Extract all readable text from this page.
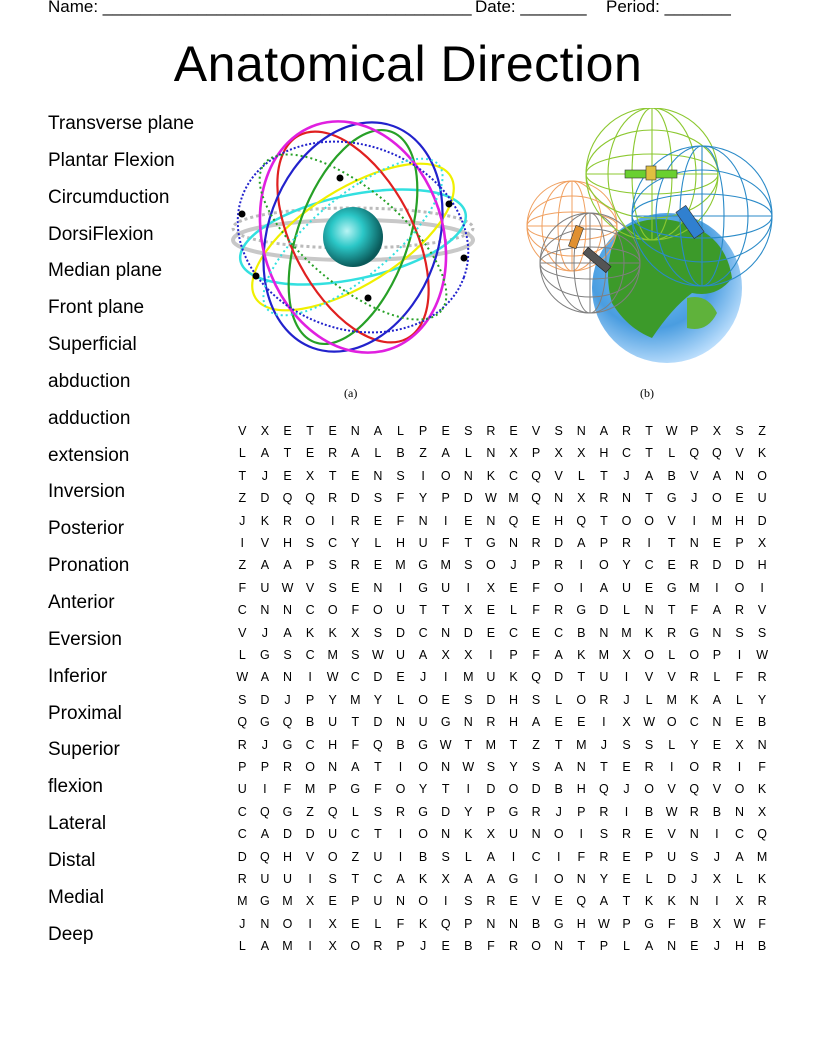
Name: _______________________________________ Date: _______ Period: _______
Anatomical Direction
Transverse plane
Plantar Flexion
Circumduction
DorsiFlexion
Median plane
Front plane
Superficial
abduction
adduction
extension
Inversion
Posterior
Pronation
Anterior
Eversion
Inferior
Proximal
Superior
flexion
Lateral
Distal
Medial
Deep
(a)	(b)
V	X	E	T	E	N	A	L	P	E	S	R	E	V	S	N	A	R	T	W	P	X	S	Z
L	A	T	E	R	A	L	B	Z	A	L	N	X	P	X	X	H	C	T	L	Q	Q	V	K
T	J	E	X	T	E	N	S	I	O	N	K	C	Q	V	L	T	J	A	B	V	A	N	O
Z	D	Q	Q	R	D	S	F	Y	P	D W M	Q	N	X	R	N	T	G	J	O	E	U
J	K	R	O	I	R	E	F	N	I	E	N	Q	E	H	Q	T	O	O	V	I	M	H	D
I	V	H	S	C	Y	L	H	U	F	T	G	N	R	D	A	P	R	I	T	N	E	P	X
Z	A	A	P	S	R	E	M	G	M	S	O	J	P	R	I	O	Y	C	E	R	D	D	H
F	U W	V	S	E	N	I	G	U	I	X	E	F	O	I	A	U	E	G	M	I	O	I
C	N	N	C	O	F	O	U	T	T	X	E	L	F	R	G	D	L	N	T	F	A	R	V
V	J	A	K	K	X	S	D	C	N	D	E	C	E	C	B	N	M	K	R	G	N	S	S
L	G	S	C	M	S	W U	A	X	X	I	P	F	A	K	M	X	O	L	O	P	I	W
W	A	N	I	W C	D	E	J	I	M	U	K	Q	D	T	U	I	V	V	R	L	F	R
S	D	J	P	Y	M	Y	L	O	E	S	D	H	S	L	O	R	J	L	M	K	A	L	Y
Q	G	Q	B	U	T	D	N	U	G	N	R	H	A	E	E	I	X	W O	C	N	E	B
R	J	G	C	H	F	Q	B	G W	T	M	T	Z	T	M	J	S	S	L	Y	E	X	N
P	P	R	O	N	A	T	I	O	N W	S	Y	S	A	N	T	E	R	I	O	R	I	F
U	I	F	M	P	G	F	O	Y	T	I	D	O	D	B	H	Q	J	O	V	Q	V	O	K
C	Q	G	Z	Q	L	S	R	G	D	Y	P	G	R	J	P	R	I	B	W R	B	N	X
C	A	D	D	U	C	T	I	O	N	K	X	U	N	O	I	S	R	E	V	N	I	C	Q
D	Q	H	V	O	Z	U	I	B	S	L	A	I	C	I	F	R	E	P	U	S	J	A	M
R	U	U	I	S	T	C	A	K	X	A	A	G	I	O	N	Y	E	L	D	J	X	L	K
M	G	M	X	E	P	U	N	O	I	S	R	E	V	E	Q	A	T	K	K	N	I	X	R
J	N	O	I	X	E	L	F	K	Q	P	N	N	B	G	H W	P	G	F	B	X	W	F
L	A	M	I	X	O	R	P	J	E	B	F	R	O	N	T	P	L	A	N	E	J	H	B
